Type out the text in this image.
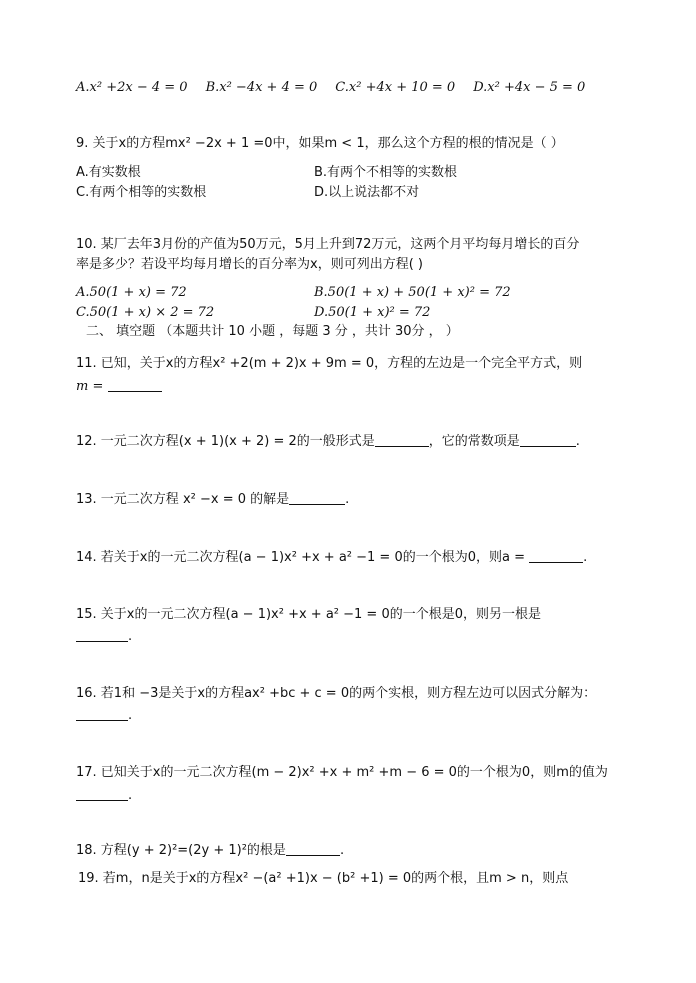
A.x² +2x − 4 = 0 B.x² −4x + 4 = 0 C.x² +4x + 10 = 0 D.x² +4x − 5 = 0
9. 关于x的方程mx² −2x + 1 =0中，如果m < 1，那么这个方程的根的情况是（ ）
A.有实数根	B.有两个不相等的实数根
C.有两个相等的实数根	D.以上说法都不对
10. 某厂去年3月份的产值为50万元，5月上升到72万元，这两个月平均每月增长的百分
率是多少？若设平均每月增长的百分率为x，则可列出方程( )
A.50(1 + x) = 72	B.50(1 + x) + 50(1 + x)² = 72
C.50(1 + x) × 2 = 72	D.50(1 + x)² = 72
二、 填空题 （本题共计 10 小题 ，每题 3 分 ，共计 30分 ， ）
11. 已知，关于x的方程x² +2(m + 2)x + 9m = 0，方程的左边是一个完全平方式，则
m =
12. 一元二次方程(x + 1)(x + 2) = 2的一般形式是	，它的常数项是	.
13. 一元二次方程 x² −x = 0 的解是	.
14. 若关于x的一元二次方程(a − 1)x² +x + a² −1 = 0的一个根为0，则a =	.
15. 关于x的一元二次方程(a − 1)x² +x + a² −1 = 0的一个根是0，则另一根是
.
16. 若1和 −3是关于x的方程ax² +bc + c = 0的两个实根，则方程左边可以因式分解为：
.
17. 已知关于x的一元二次方程(m − 2)x² +x + m² +m − 6 = 0的一个根为0，则m的值为
.
18. 方程(y + 2)²=(2y + 1)²的根是	.
19. 若m，n是关于x的方程x² −(a² +1)x − (b² +1) = 0的两个根，且m > n，则点
